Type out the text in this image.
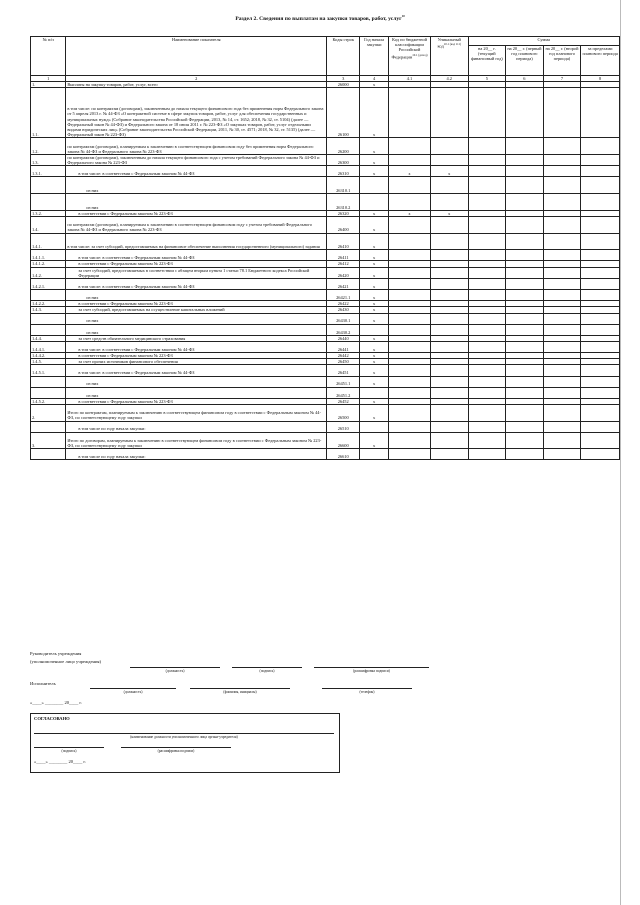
Раздел 2. Сведения по выплатам на закупки товаров, работ, услуг$^{10}$
№ п/п	Наименование показателя	Коды строк	Год начала закупки	Код по бюджетной классификации Российской Федерации$^{10.1 (доход)}$	Уникальный код$^{10.1 (код 111)}$	Сумма			
						на 20__ г. (текущий финансовый год)	на 20__ г. (первый год планового периода)	на 20__ г. (второй год планового периода)	за пределами планового периода
1	2	3	4	4.1	4.2	5	6	7	8
1.	Выплаты на закупку товаров, работ, услуг, всего	26000	x						
1.1.	в том числе: по контрактам (договорам), заключенным до начала текущего финансового года без применения норм Федерального закона от 5 апреля 2013 г. № 44-ФЗ «О контрактной системе в сфере закупок товаров, работ, услуг для обеспечения государственных и муниципальных нужд» (Собрание законодательства Российской Федерации, 2013, № 14, ст. 1652; 2018, № 32, ст. 5104) (далее — Федеральный закон № 44-ФЗ) и Федерального закона от 18 июля 2011 г. № 223-ФЗ «О закупках товаров, работ, услуг отдельными видами юридических лиц» (Собрание законодательства Российской Федерации, 2011, № 30, ст. 4571; 2018, № 32, ст. 5135) (далее — Федеральный закон № 223-ФЗ)	26100	x						
1.2.	по контрактам (договорам), планируемым к заключению в соответствующем финансовом году без применения норм Федерального закона № 44-ФЗ и Федерального закона № 223-ФЗ	26200	x						
1.3.	по контрактам (договорам), заключенным до начала текущего финансового года с учетом требований Федерального закона № 44-ФЗ и Федерального закона № 223-ФЗ	26300	x						
1.3.1.	в том числе: в соответствии с Федеральным законом № 44-ФЗ	26310	x	x	x				
	из них	26310.1							
	из них	26310.2							
1.3.2.	в соответствии с Федеральным законом № 223-ФЗ	26320	x	x	x				
1.4.	по контрактам (договорам), планируемым к заключению в соответствующем финансовом году с учетом требований Федерального закона № 44-ФЗ и Федерального закона № 223-ФЗ	26400	x						
1.4.1.	в том числе: за счет субсидий, предоставляемых на финансовое обеспечение выполнения государственного (муниципального) задания	26410	x						
1.4.1.1.	в том числе: в соответствии с Федеральным законом № 44-ФЗ	26411	x						
1.4.1.2.	в соответствии с Федеральным законом № 223-ФЗ	26412	x						
1.4.2.	за счет субсидий, предоставляемых в соответствии с абзацем вторым пункта 1 статьи 78.1 Бюджетного кодекса Российской Федерации	26420	x						
1.4.2.1.	в том числе: в соответствии с Федеральным законом № 44-ФЗ	26421	x						
	из них	26421.1	x						
1.4.2.2.	в соответствии с Федеральным законом № 223-ФЗ	26422	x						
1.4.3.	за счет субсидий, предоставляемых на осуществление капитальных вложений	26430	x						
	из них	26430.1	x						
	из них	26430.2							
1.4.4.	за счет средств обязательного медицинского страхования	26440	x						
1.4.4.1.	в том числе: в соответствии с Федеральным законом № 44-ФЗ	26441	x						
1.4.4.2.	в соответствии с Федеральным законом № 223-ФЗ	26442	x						
1.4.5.	за счет прочих источников финансового обеспечения	26450	x						
1.4.5.1.	в том числе: в соответствии с Федеральным законом № 44-ФЗ	26451	x						
	из них	26451.1	x						
	из них	26451.2							
1.4.5.2.	в соответствии с Федеральным законом № 223-ФЗ	26452	x						
2.	Итого по контрактам, планируемым к заключению в соответствующем финансовом году в соответствии с Федеральным законом № 44-ФЗ, по соответствующему году закупки	26500	x						
	в том числе по году начала закупки:	26510							
3.	Итого по договорам, планируемым к заключению в соответствующем финансовом году в соответствии с Федеральным законом № 223-ФЗ, по соответствующему году закупки	26600	x						
	в том числе по году начала закупки:	26610							
Руководитель учреждения
(уполномоченное лицо учреждения)
(должность)	(подпись)	(расшифровка подписи)
Исполнитель
(должность)	(фамилия, инициалы)	(телефон)
«____» ________ 20____ г.
СОГЛАСОВАНО
(наименование должности уполномоченного лица органа-учредителя)
(подпись)	(расшифровка подписи)
«____» ________ 20____ г.
